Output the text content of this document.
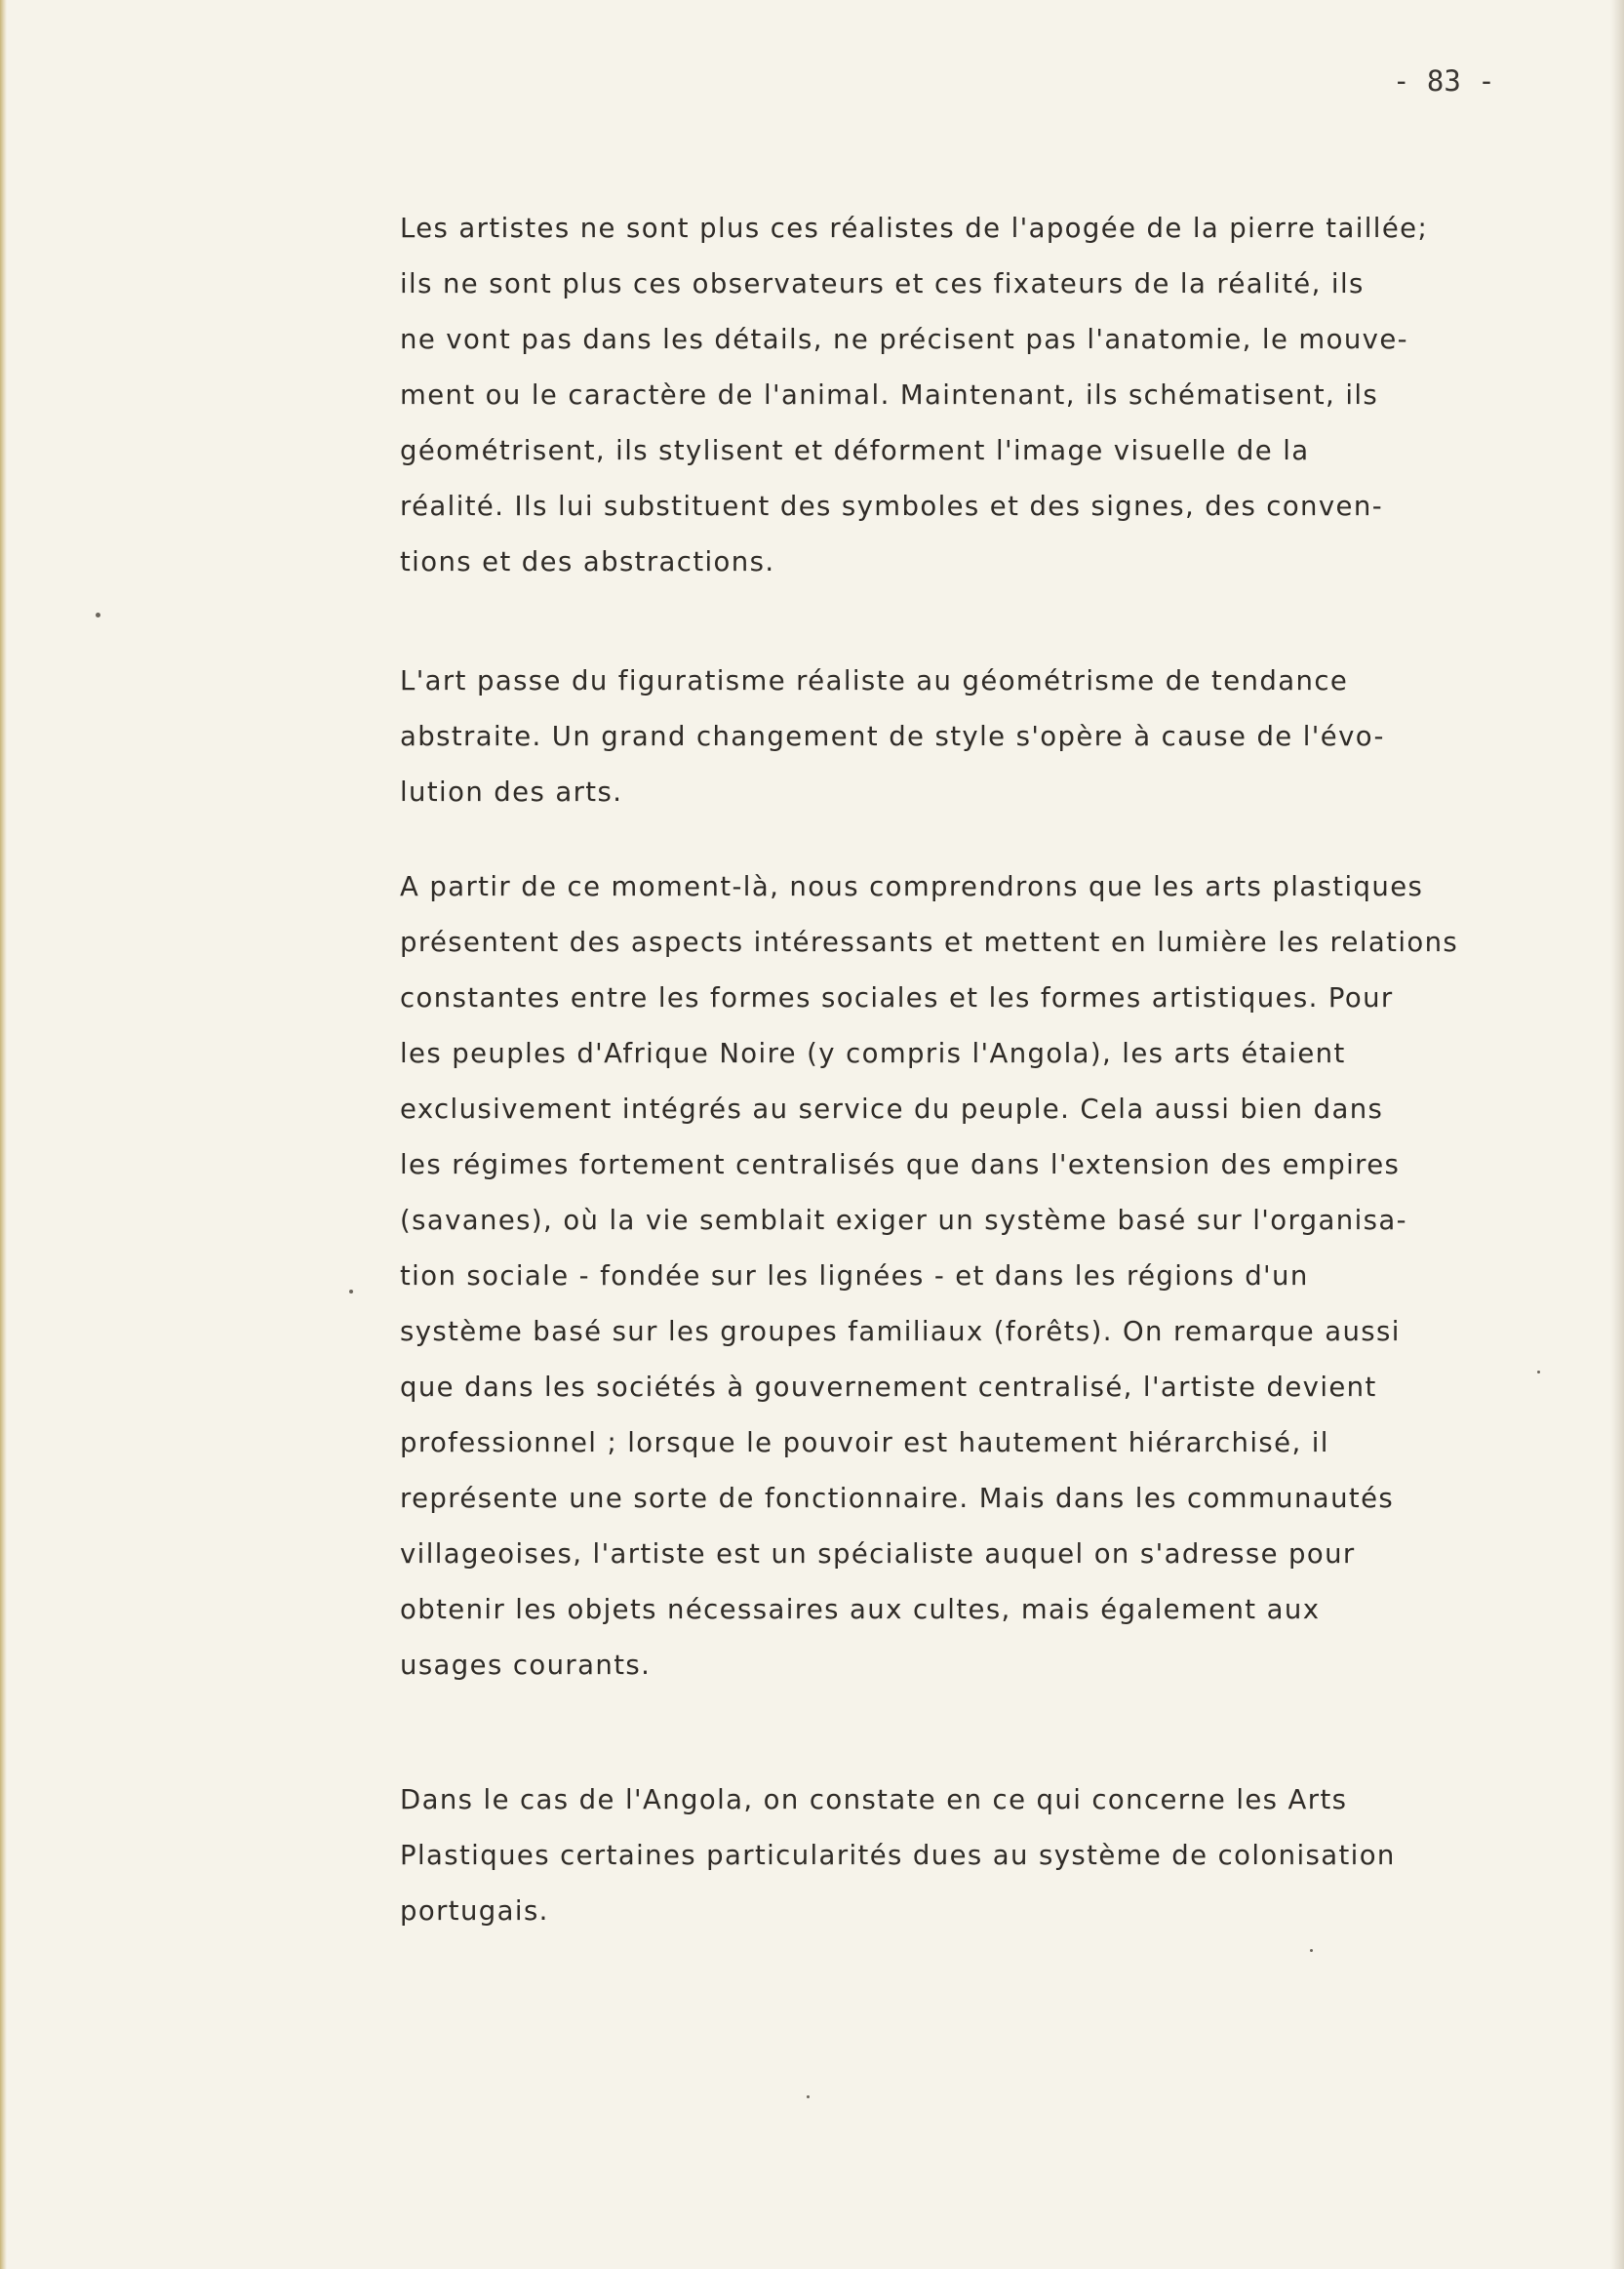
- 83 -

Les artistes ne sont plus ces réalistes de l'apogée de la pierre taillée;
ils ne sont plus ces observateurs et ces fixateurs de la réalité, ils
ne vont pas dans les détails, ne précisent pas l'anatomie, le mouve-
ment ou le caractère de l'animal. Maintenant, ils schématisent, ils
géométrisent, ils stylisent et déforment l'image visuelle de la
réalité. Ils lui substituent des symboles et des signes, des conven-
tions et des abstractions.

L'art passe du figuratisme réaliste au géométrisme de tendance
abstraite. Un grand changement de style s'opère à cause de l'évo-
lution des arts.

A partir de ce moment-là, nous comprendrons que les arts plastiques
présentent des aspects intéressants et mettent en lumière les relations
constantes entre les formes sociales et les formes artistiques. Pour
les peuples d'Afrique Noire (y compris l'Angola), les arts étaient
exclusivement intégrés au service du peuple. Cela aussi bien dans
les régimes fortement centralisés que dans l'extension des empires
(savanes), où la vie semblait exiger un système basé sur l'organisa-
tion sociale - fondée sur les lignées - et dans les régions d'un
système basé sur les groupes familiaux (forêts). On remarque aussi
que dans les sociétés à gouvernement centralisé, l'artiste devient
professionnel ; lorsque le pouvoir est hautement hiérarchisé, il
représente une sorte de fonctionnaire. Mais dans les communautés
villageoises, l'artiste est un spécialiste auquel on s'adresse pour
obtenir les objets nécessaires aux cultes, mais également aux
usages courants.

Dans le cas de l'Angola, on constate en ce qui concerne les Arts
Plastiques certaines particularités dues au système de colonisation
portugais.
